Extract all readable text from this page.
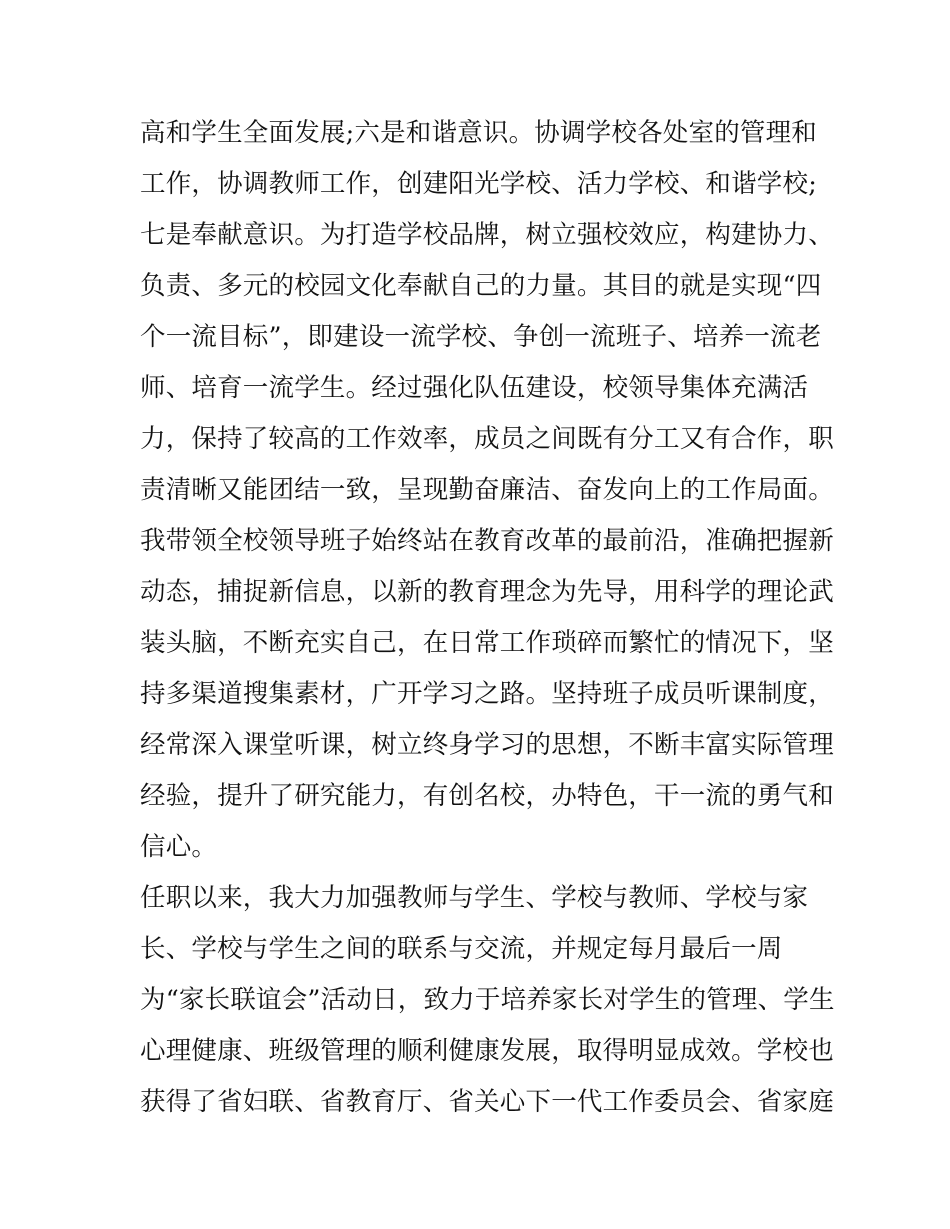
高和学生全面发展;六是和谐意识。协调学校各处室的管理和
工作，协调教师工作，创建阳光学校、活力学校、和谐学校;
七是奉献意识。为打造学校品牌，树立强校效应，构建协力、
负责、多元的校园文化奉献自己的力量。其目的就是实现“四
个一流目标”，即建设一流学校、争创一流班子、培养一流老
师、培育一流学生。经过强化队伍建设，校领导集体充满活
力，保持了较高的工作效率，成员之间既有分工又有合作，职
责清晰又能团结一致，呈现勤奋廉洁、奋发向上的工作局面。
我带领全校领导班子始终站在教育改革的最前沿，准确把握新
动态，捕捉新信息，以新的教育理念为先导，用科学的理论武
装头脑，不断充实自己，在日常工作琐碎而繁忙的情况下，坚
持多渠道搜集素材，广开学习之路。坚持班子成员听课制度，
经常深入课堂听课，树立终身学习的思想，不断丰富实际管理
经验，提升了研究能力，有创名校，办特色，干一流的勇气和
信心。
任职以来，我大力加强教师与学生、学校与教师、学校与家
长、学校与学生之间的联系与交流，并规定每月最后一周
为“家长联谊会”活动日，致力于培养家长对学生的管理、学生
心理健康、班级管理的顺利健康发展，取得明显成效。学校也
获得了省妇联、省教育厅、省关心下一代工作委员会、省家庭
